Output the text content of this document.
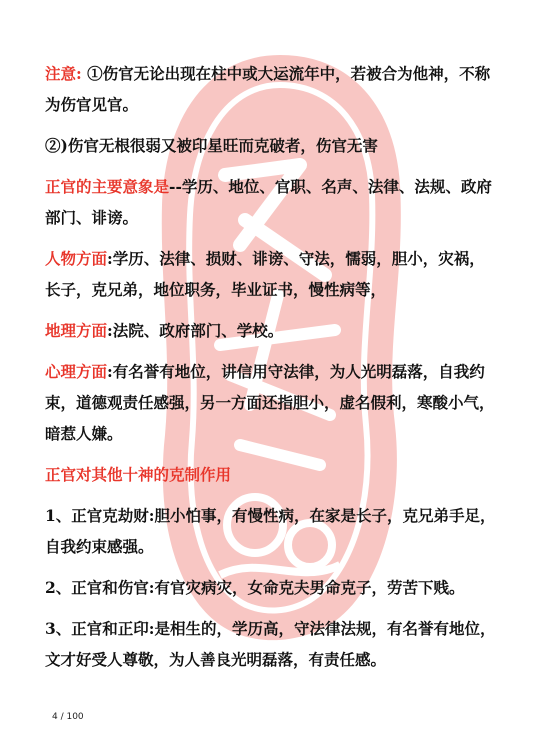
注意: ①伤官无论出现在柱中或大运流年中，若被合为他神，不称为伤官见官。

②)伤官无根很弱又被印星旺而克破者，伤官无害

正官的主要意象是--学历、地位、官职、名声、法律、法规、政府部门、诽谤。

人物方面:学历、法律、损财、诽谤、守法，懦弱，胆小，灾祸，长子，克兄弟，地位职务，毕业证书，慢性病等，

地理方面:法院、政府部门、学校。

心理方面:有名誉有地位，讲信用守法律，为人光明磊落，自我约束，道德观责任感强，另一方面还指胆小，虚名假利，寒酸小气，暗惹人嫌。

正官对其他十神的克制作用

1、正官克劫财:胆小怕事，有慢性病，在家是长子，克兄弟手足，自我约束感强。

2、正官和伤官:有官灾病灾，女命克夫男命克子，劳苦下贱。

3、正官和正印:是相生的，学历高，守法律法规，有名誉有地位，文才好受人尊敬，为人善良光明磊落，有责任感。

4 / 100
